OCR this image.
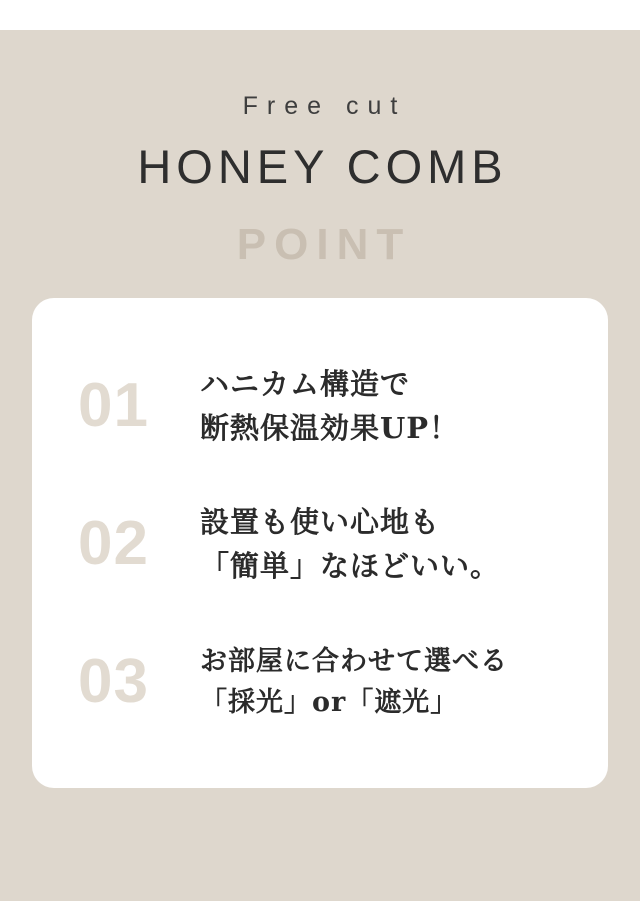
Free cut
HONEY COMB
POINT
01	ハニカム構造で
断熱保温効果UP！
02	設置も使い心地も
「簡単」なほどいい。
03	お部屋に合わせて選べる
「採光」or「遮光」
